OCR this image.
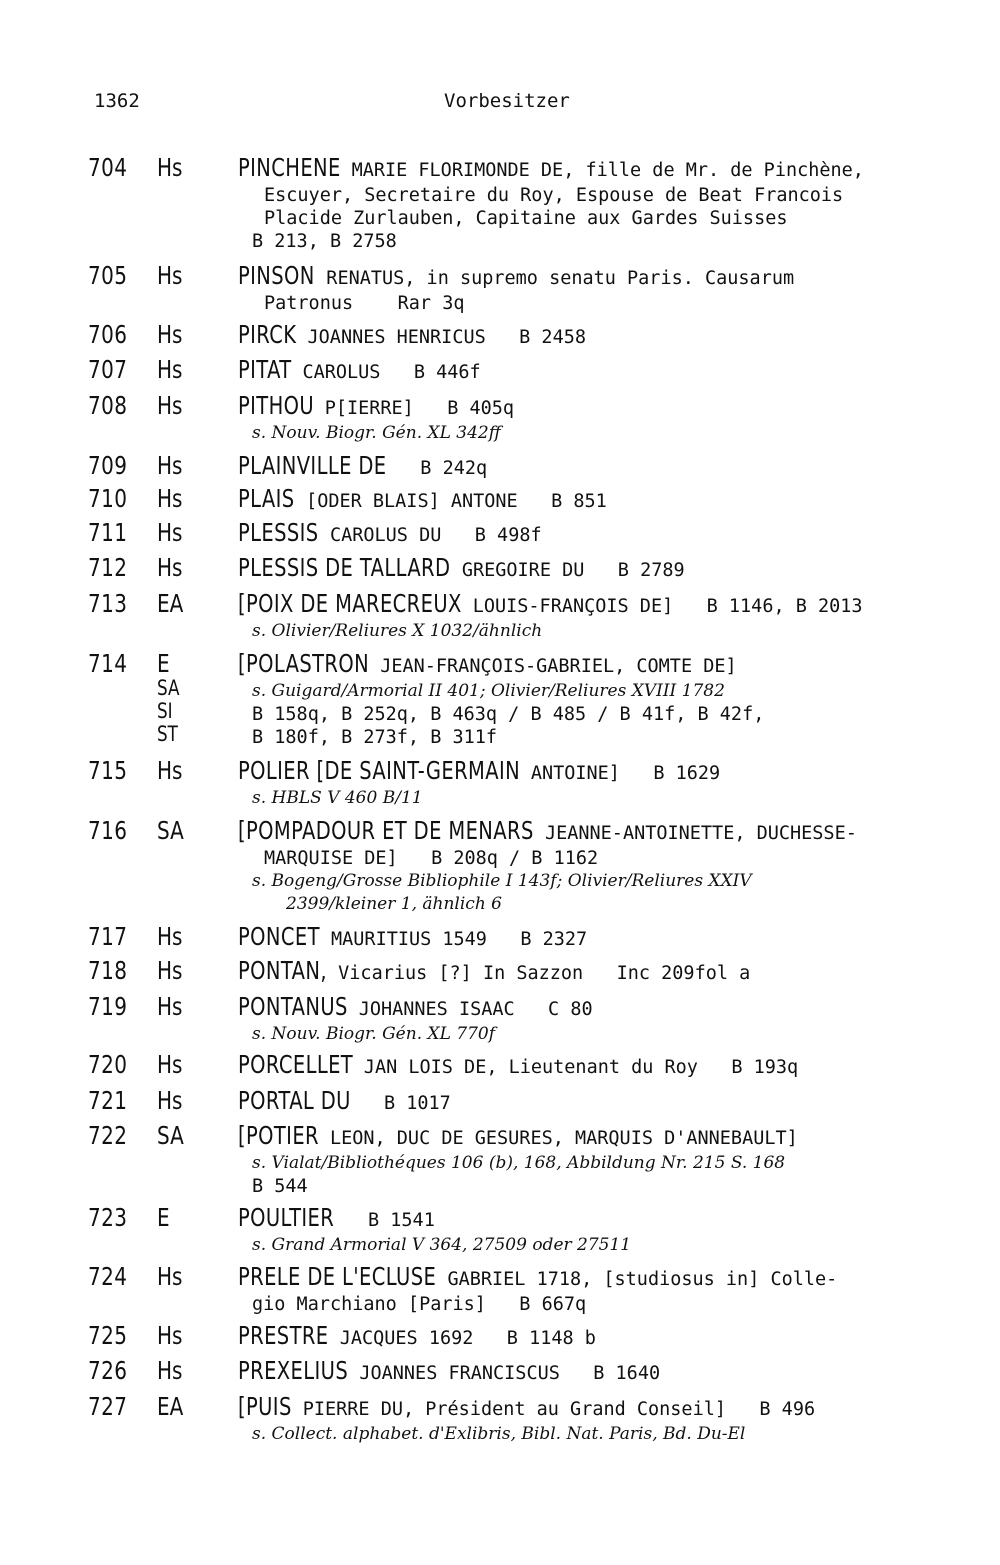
1362	Vorbesitzer
704 Hs PINCHENE MARIE FLORIMONDE DE, fille de Mr. de Pinchène,
Escuyer, Secretaire du Roy, Espouse de Beat Francois
Placide Zurlauben, Capitaine aux Gardes Suisses
B 213, B 2758
705 Hs PINSON RENATUS, in supremo senatu Paris. Causarum
Patronus    Rar 3q
706 Hs PIRCK JOANNES HENRICUS   B 2458
707 Hs PITAT CAROLUS   B 446f
708 Hs PITHOU P[IERRE]   B 405q
s. Nouv. Biogr. Gén. XL 342ff
709 Hs PLAINVILLE DE   B 242q
710 Hs PLAIS [ODER BLAIS] ANTONE   B 851
711 Hs PLESSIS CAROLUS DU   B 498f
712 Hs PLESSIS DE TALLARD GREGOIRE DU   B 2789
713 EA [POIX DE MARECREUX LOUIS-FRANÇOIS DE]   B 1146, B 2013
s. Olivier/Reliures X 1032/ähnlich
714 E
SA
SI
ST
[POLASTRON JEAN-FRANÇOIS-GABRIEL, COMTE DE]
s. Guigard/Armorial II 401; Olivier/Reliures XVIII 1782
B 158q, B 252q, B 463q / B 485 / B 41f, B 42f,
B 180f, B 273f, B 311f
715 Hs POLIER [DE SAINT-GERMAIN ANTOINE]   B 1629
s. HBLS V 460 B/11
716 SA [POMPADOUR ET DE MENARS JEANNE-ANTOINETTE, DUCHESSE-
MARQUISE DE]   B 208q / B 1162
s. Bogeng/Grosse Bibliophile I 143f; Olivier/Reliures XXIV
2399/kleiner 1, ähnlich 6
717 Hs PONCET MAURITIUS 1549   B 2327
718 Hs PONTAN, Vicarius [?] In Sazzon   Inc 209fol a
719 Hs PONTANUS JOHANNES ISAAC   C 80
s. Nouv. Biogr. Gén. XL 770f
720 Hs PORCELLET JAN LOIS DE, Lieutenant du Roy   B 193q
721 Hs PORTAL DU   B 1017
722 SA [POTIER LEON, DUC DE GESURES, MARQUIS D'ANNEBAULT]
s. Vialat/Bibliothéques 106 (b), 168, Abbildung Nr. 215 S. 168
B 544
723 E	POULTIER   B 1541
s. Grand Armorial V 364, 27509 oder 27511
724 Hs PRELE DE L'ECLUSE GABRIEL 1718, [studiosus in] Colle-
gio Marchiano [Paris]   B 667q
725 Hs PRESTRE JACQUES 1692   B 1148 b
726 Hs PREXELIUS JOANNES FRANCISCUS   B 1640
727 EA [PUIS PIERRE DU, Président au Grand Conseil]   B 496
s. Collect. alphabet. d'Exlibris, Bibl. Nat. Paris, Bd. Du-El
